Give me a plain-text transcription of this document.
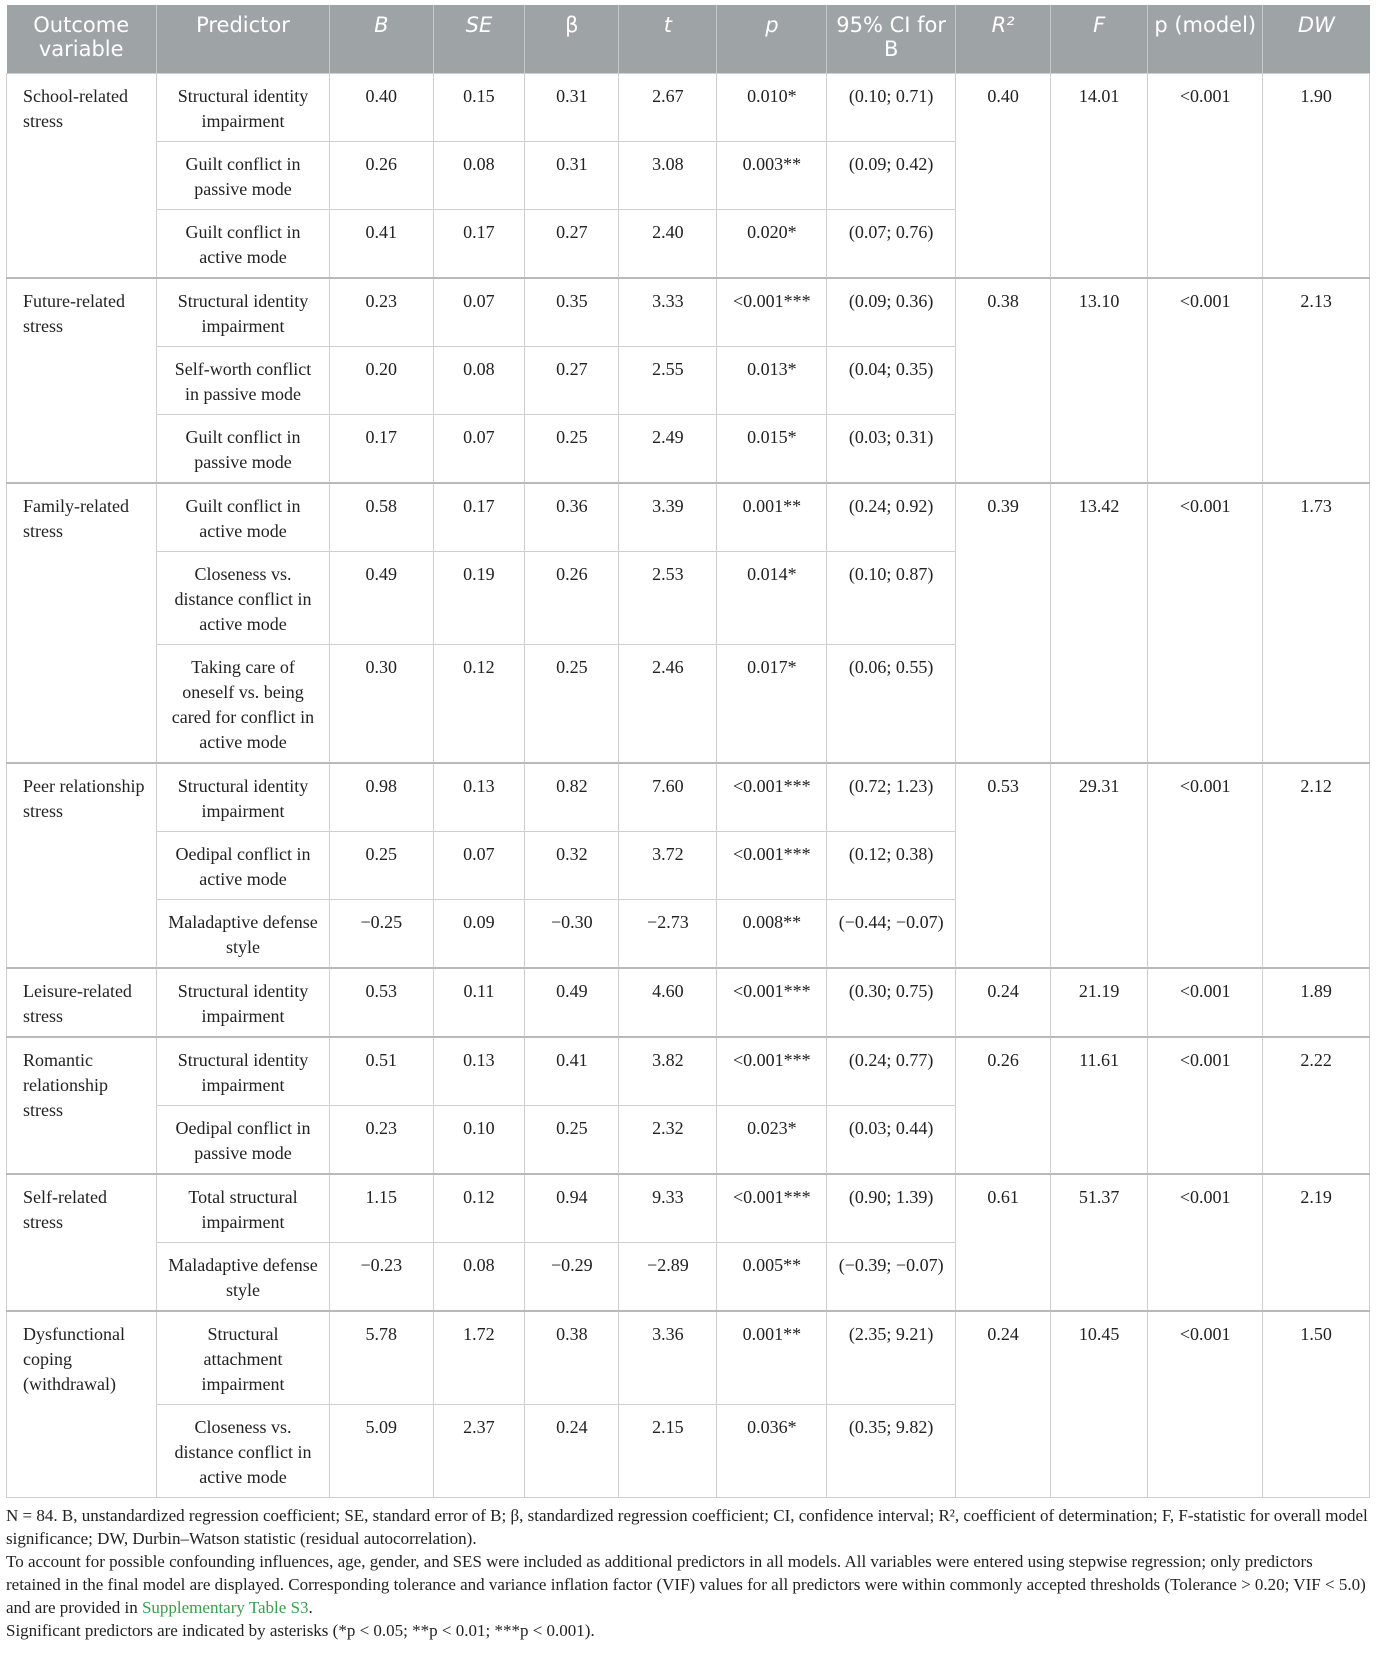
Outcome variable	Predictor	B	SE	β	t	p	95% CI for B	R²	F	p (model)	DW

School-related stress	Structural identity impairment	0.40	0.15	0.31	2.67	0.010*	(0.10; 0.71)	0.40	14.01	<0.001	1.90
	Guilt conflict in passive mode	0.26	0.08	0.31	3.08	0.003**	(0.09; 0.42)				
	Guilt conflict in active mode	0.41	0.17	0.27	2.40	0.020*	(0.07; 0.76)				
Future-related stress	Structural identity impairment	0.23	0.07	0.35	3.33	<0.001***	(0.09; 0.36)	0.38	13.10	<0.001	2.13
	Self-worth conflict in passive mode	0.20	0.08	0.27	2.55	0.013*	(0.04; 0.35)				
	Guilt conflict in passive mode	0.17	0.07	0.25	2.49	0.015*	(0.03; 0.31)				
Family-related stress	Guilt conflict in active mode	0.58	0.17	0.36	3.39	0.001**	(0.24; 0.92)	0.39	13.42	<0.001	1.73
	Closeness vs. distance conflict in active mode	0.49	0.19	0.26	2.53	0.014*	(0.10; 0.87)				
	Taking care of oneself vs. being cared for conflict in active mode	0.30	0.12	0.25	2.46	0.017*	(0.06; 0.55)				
Peer relationship stress	Structural identity impairment	0.98	0.13	0.82	7.60	<0.001***	(0.72; 1.23)	0.53	29.31	<0.001	2.12
	Oedipal conflict in active mode	0.25	0.07	0.32	3.72	<0.001***	(0.12; 0.38)				
	Maladaptive defense style	−0.25	0.09	−0.30	−2.73	0.008**	(−0.44; −0.07)				
Leisure-related stress	Structural identity impairment	0.53	0.11	0.49	4.60	<0.001***	(0.30; 0.75)	0.24	21.19	<0.001	1.89
Romantic relationship stress	Structural identity impairment	0.51	0.13	0.41	3.82	<0.001***	(0.24; 0.77)	0.26	11.61	<0.001	2.22
	Oedipal conflict in passive mode	0.23	0.10	0.25	2.32	0.023*	(0.03; 0.44)				
Self-related stress	Total structural impairment	1.15	0.12	0.94	9.33	<0.001***	(0.90; 1.39)	0.61	51.37	<0.001	2.19
	Maladaptive defense style	−0.23	0.08	−0.29	−2.89	0.005**	(−0.39; −0.07)				
Dysfunctional coping (withdrawal)	Structural attachment impairment	5.78	1.72	0.38	3.36	0.001**	(2.35; 9.21)	0.24	10.45	<0.001	1.50
	Closeness vs. distance conflict in active mode	5.09	2.37	0.24	2.15	0.036*	(0.35; 9.82)				

N = 84. B, unstandardized regression coefficient; SE, standard error of B; β, standardized regression coefficient; CI, confidence interval; R², coefficient of determination; F, F-statistic for overall model significance; DW, Durbin–Watson statistic (residual autocorrelation).

To account for possible confounding influences, age, gender, and SES were included as additional predictors in all models. All variables were entered using stepwise regression; only predictors retained in the final model are displayed. Corresponding tolerance and variance inflation factor (VIF) values for all predictors were within commonly accepted thresholds (Tolerance > 0.20; VIF < 5.0) and are provided in Supplementary Table S3.

Significant predictors are indicated by asterisks (*p < 0.05; **p < 0.01; ***p < 0.001).
